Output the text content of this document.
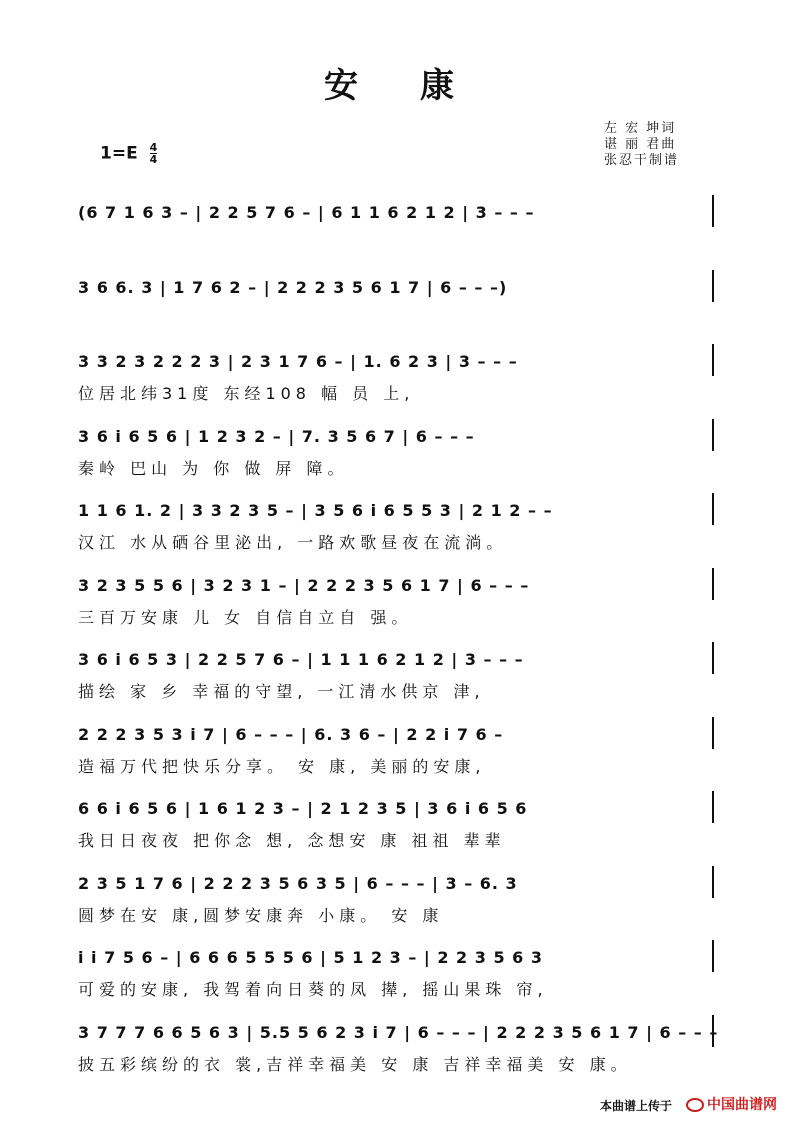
安　康
$1=E \frac{4}{4}$
左 宏 坤词
谌 丽 君曲
张忍干制谱
(6 7 1 6 3 – | 2 2 5 7 6 – | 6 1 1 6 2 1 2 | 3 – – –
3 6 6. 3 | 1 7 6 2 – | 2 2 2 3 5 6 1 7 | 6 – – –)
3 3 2 3 2 2 2 3 | 2 3 1 7 6 – | 1. 6 2 3 | 3 – – –
位居北纬31度 东经108 幅 员 上,
3 6 i 6 5 6 | 1 2 3 2 – | 7. 3 5 6 7 | 6 – – –
秦岭 巴山 为 你 做 屏 障。
1 1 6 1. 2 | 3 3 2 3 5 – | 3 5 6 i 6 5 5 3 | 2 1 2 – –
汉江 水从硒谷里泌出, 一路欢歌昼夜在流淌。
3 2 3 5 5 6 | 3 2 3 1 – | 2 2 2 3 5 6 1 7 | 6 – – –
三百万安康 儿 女 自信自立自 强。
3 6 i 6 5 3 | 2 2 5 7 6 – | 1 1 1 6 2 1 2 | 3 – – –
描绘 家 乡 幸福的守望, 一江清水供京 津,
2 2 2 3 5 3 i 7 | 6 – – – | 6. 3 6 – | 2 2 i 7 6 –
造福万代把快乐分享。 安 康, 美丽的安康,
6 6 i 6 5 6 | 1 6 1 2 3 – | 2 1 2 3 5 | 3 6 i 6 5 6
我日日夜夜 把你念 想, 念想安 康 祖祖 辈辈
2 3 5 1 7 6 | 2 2 2 3 5 6 3 5 | 6 – – – | 3 – 6. 3
圆梦在安 康,圆梦安康奔 小康。 安 康
i i 7 5 6 – | 6 6 6 5 5 5 6 | 5 1 2 3 – | 2 2 3 5 6 3
可爱的安康, 我驾着向日葵的凤 撵, 摇山果珠 帘,
3 7 7 7 6 6 5 6 3 | 5.5 5 6 2 3 i 7 | 6 – – – | 2 2 2 3 5 6 1 7 | 6 – – –
披五彩缤纷的衣 裳,吉祥幸福美 安 康 吉祥幸福美 安 康。
本曲谱上传于	中国曲谱网
